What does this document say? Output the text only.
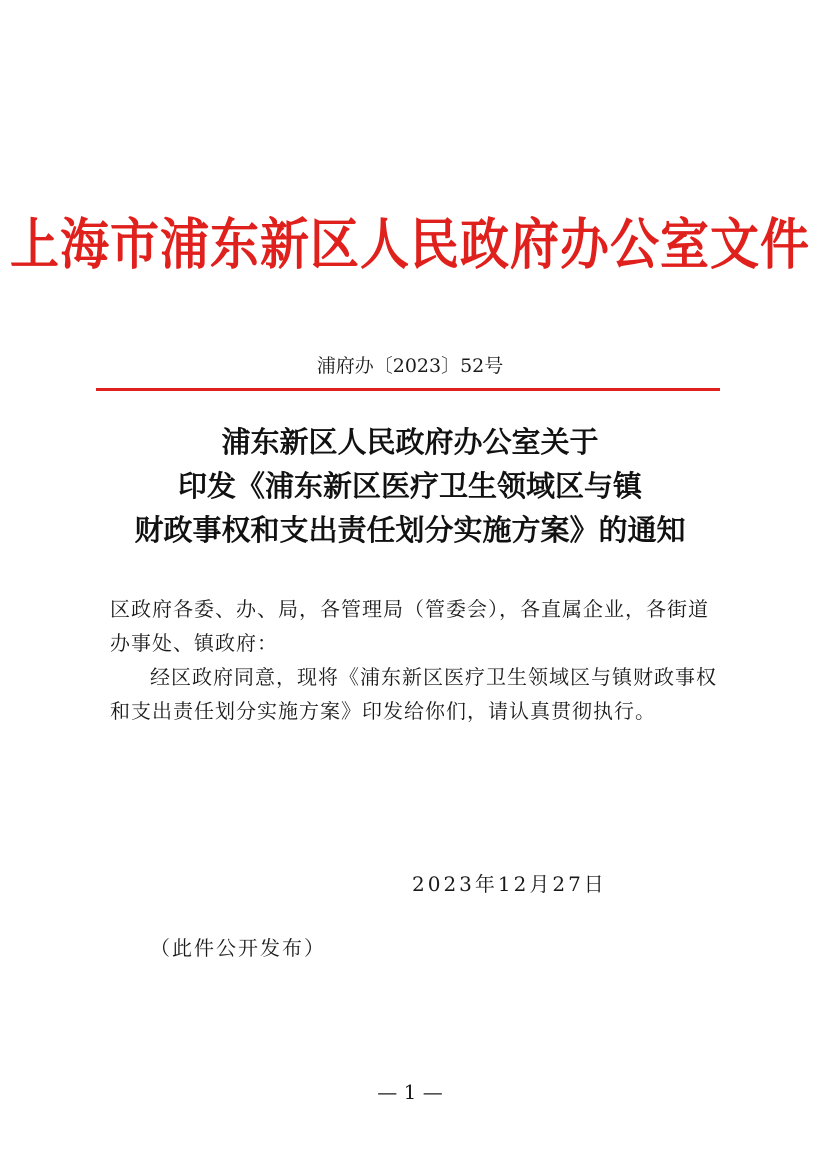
上海市浦东新区人民政府办公室文件
浦府办〔2023〕52号
浦东新区人民政府办公室关于
印发《浦东新区医疗卫生领域区与镇
财政事权和支出责任划分实施方案》的通知

区政府各委、办、局，各管理局（管委会），各直属企业，各街道办事处、镇政府：

经区政府同意，现将《浦东新区医疗卫生领域区与镇财政事权和支出责任划分实施方案》印发给你们，请认真贯彻执行。

2023年12月27日
（此件公开发布）
— 1 —
